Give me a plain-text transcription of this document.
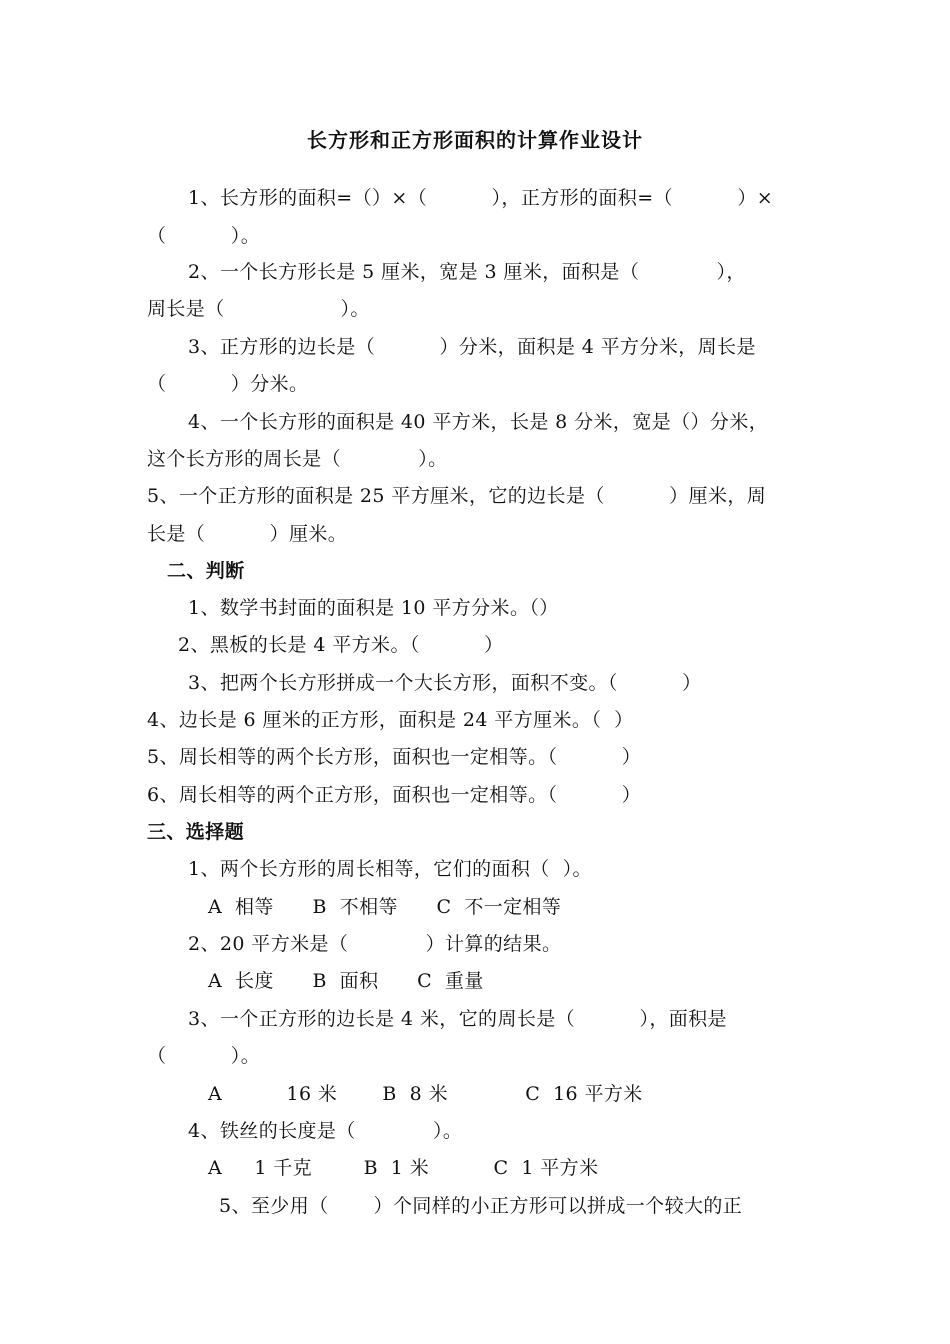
长方形和正方形面积的计算作业设计
1、长方形的面积=（）×（          ），正方形的面积=（          ）×
（          ）。
2、一个长方形长是 5 厘米，宽是 3 厘米，面积是（            ），
周长是（                  ）。
3、正方形的边长是（          ）分米，面积是 4 平方分米，周长是
（          ）分米。
4、一个长方形的面积是 40 平方米，长是 8 分米，宽是（）分米，
这个长方形的周长是（            ）。
5、一个正方形的面积是 25 平方厘米，它的边长是（          ）厘米，周
长是（          ）厘米。
二、判断
1、数学书封面的面积是 10 平方分米。（）
2、黑板的长是 4 平方米。（          ）
3、把两个长方形拼成一个大长方形，面积不变。（          ）
4、边长是 6 厘米的正方形，面积是 24 平方厘米。（  ）
5、周长相等的两个长方形，面积也一定相等。（          ）
6、周长相等的两个正方形，面积也一定相等。（          ）
三、选择题
1、两个长方形的周长相等，它们的面积（  ）。
A  相等      B  不相等      C  不一定相等
2、20 平方米是（            ）计算的结果。
A  长度      B  面积      C  重量
3、一个正方形的边长是 4 米，它的周长是（          ），面积是
（          ）。
A          16 米       B  8 米            C  16 平方米
4、铁丝的长度是（            ）。
A     1 千克        B  1 米          C  1 平方米
5、至少用（       ）个同样的小正方形可以拼成一个较大的正
